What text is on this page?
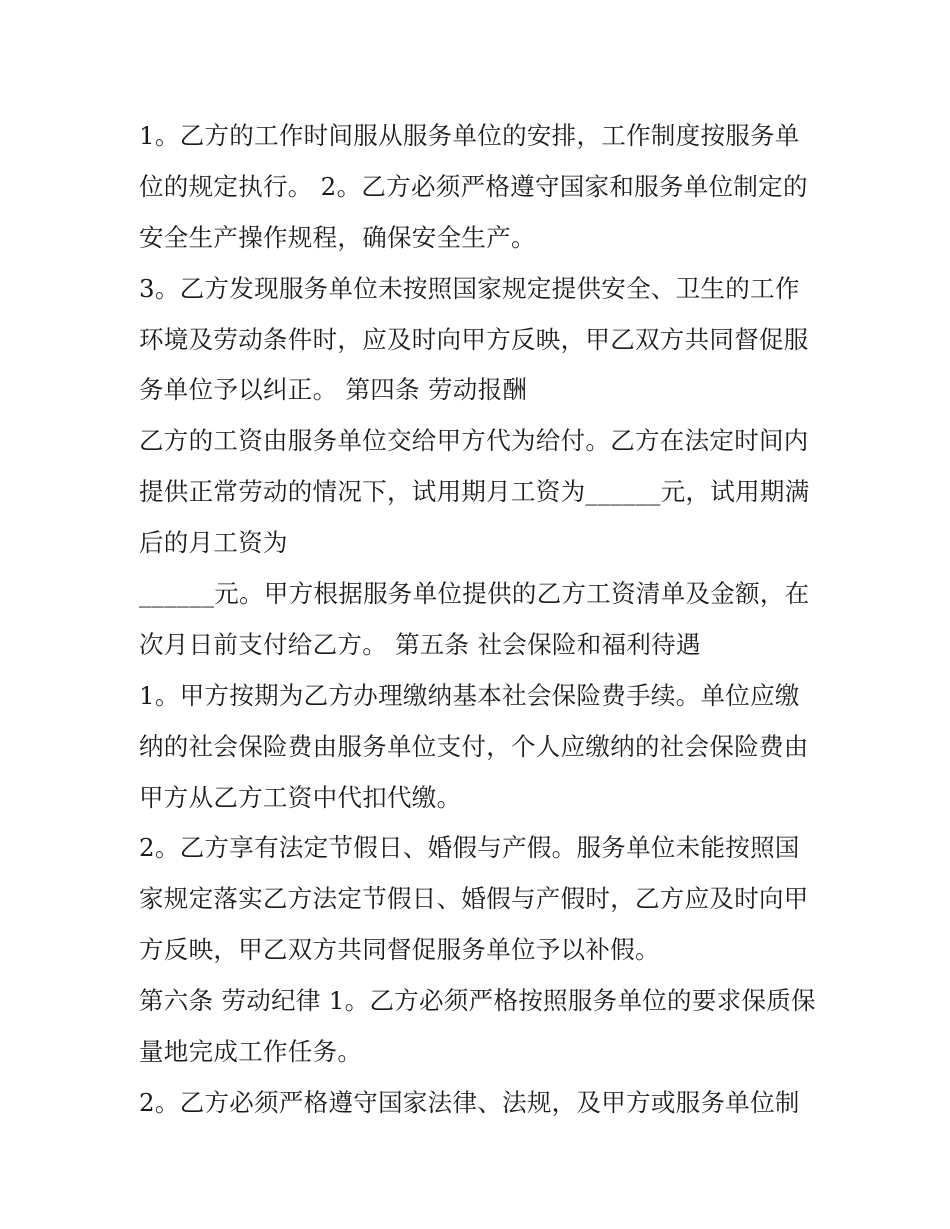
1。乙方的工作时间服从服务单位的安排，工作制度按服务单
位的规定执行。 2。乙方必须严格遵守国家和服务单位制定的
安全生产操作规程，确保安全生产。
3。乙方发现服务单位未按照国家规定提供安全、卫生的工作
环境及劳动条件时，应及时向甲方反映，甲乙双方共同督促服
务单位予以纠正。 第四条 劳动报酬
乙方的工资由服务单位交给甲方代为给付。乙方在法定时间内
提供正常劳动的情况下，试用期月工资为______元，试用期满
后的月工资为
______元。甲方根据服务单位提供的乙方工资清单及金额，在
次月日前支付给乙方。 第五条 社会保险和福利待遇
1。甲方按期为乙方办理缴纳基本社会保险费手续。单位应缴
纳的社会保险费由服务单位支付，个人应缴纳的社会保险费由
甲方从乙方工资中代扣代缴。
2。乙方享有法定节假日、婚假与产假。服务单位未能按照国
家规定落实乙方法定节假日、婚假与产假时，乙方应及时向甲
方反映，甲乙双方共同督促服务单位予以补假。
第六条 劳动纪律 1。乙方必须严格按照服务单位的要求保质保
量地完成工作任务。
2。乙方必须严格遵守国家法律、法规，及甲方或服务单位制
